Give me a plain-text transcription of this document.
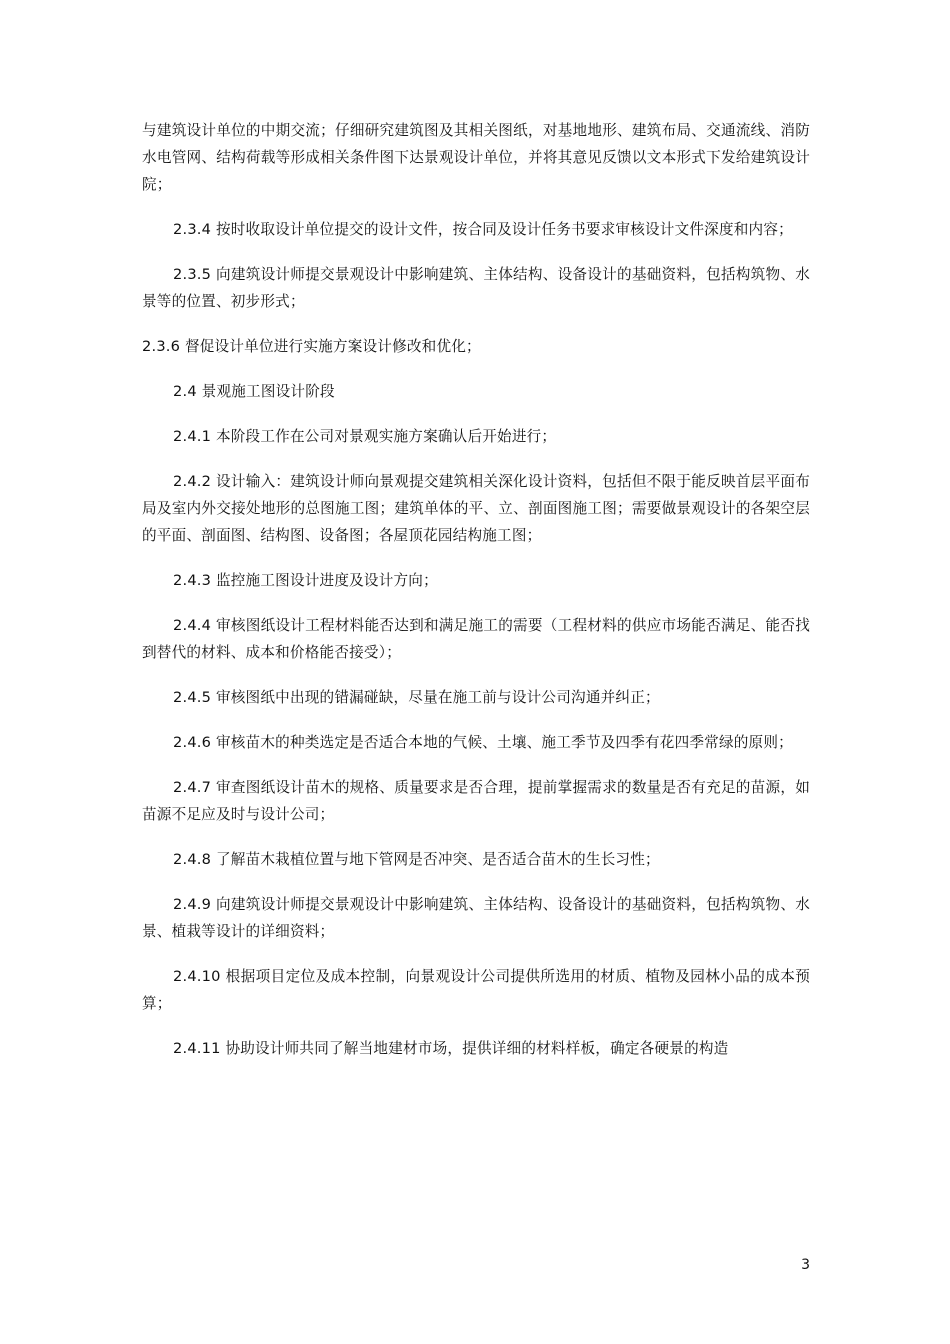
与建筑设计单位的中期交流；仔细研究建筑图及其相关图纸，对基地地形、建筑布局、交通流线、消防水电管网、结构荷载等形成相关条件图下达景观设计单位，并将其意见反馈以文本形式下发给建筑设计院；

2.3.4 按时收取设计单位提交的设计文件，按合同及设计任务书要求审核设计文件深度和内容；

2.3.5 向建筑设计师提交景观设计中影响建筑、主体结构、设备设计的基础资料，包括构筑物、水景等的位置、初步形式；

2.3.6 督促设计单位进行实施方案设计修改和优化；

2.4 景观施工图设计阶段

2.4.1 本阶段工作在公司对景观实施方案确认后开始进行；

2.4.2 设计输入：建筑设计师向景观提交建筑相关深化设计资料，包括但不限于能反映首层平面布局及室内外交接处地形的总图施工图；建筑单体的平、立、剖面图施工图；需要做景观设计的各架空层的平面、剖面图、结构图、设备图；各屋顶花园结构施工图；

2.4.3 监控施工图设计进度及设计方向；

2.4.4 审核图纸设计工程材料能否达到和满足施工的需要（工程材料的供应市场能否满足、能否找到替代的材料、成本和价格能否接受）；

2.4.5 审核图纸中出现的错漏碰缺，尽量在施工前与设计公司沟通并纠正；

2.4.6 审核苗木的种类选定是否适合本地的气候、土壤、施工季节及四季有花四季常绿的原则；

2.4.7 审查图纸设计苗木的规格、质量要求是否合理，提前掌握需求的数量是否有充足的苗源，如苗源不足应及时与设计公司；

2.4.8 了解苗木栽植位置与地下管网是否冲突、是否适合苗木的生长习性；

2.4.9 向建筑设计师提交景观设计中影响建筑、主体结构、设备设计的基础资料，包括构筑物、水景、植栽等设计的详细资料；

2.4.10 根据项目定位及成本控制，向景观设计公司提供所选用的材质、植物及园林小品的成本预算；

2.4.11 协助设计师共同了解当地建材市场，提供详细的材料样板，确定各硬景的构造

3
